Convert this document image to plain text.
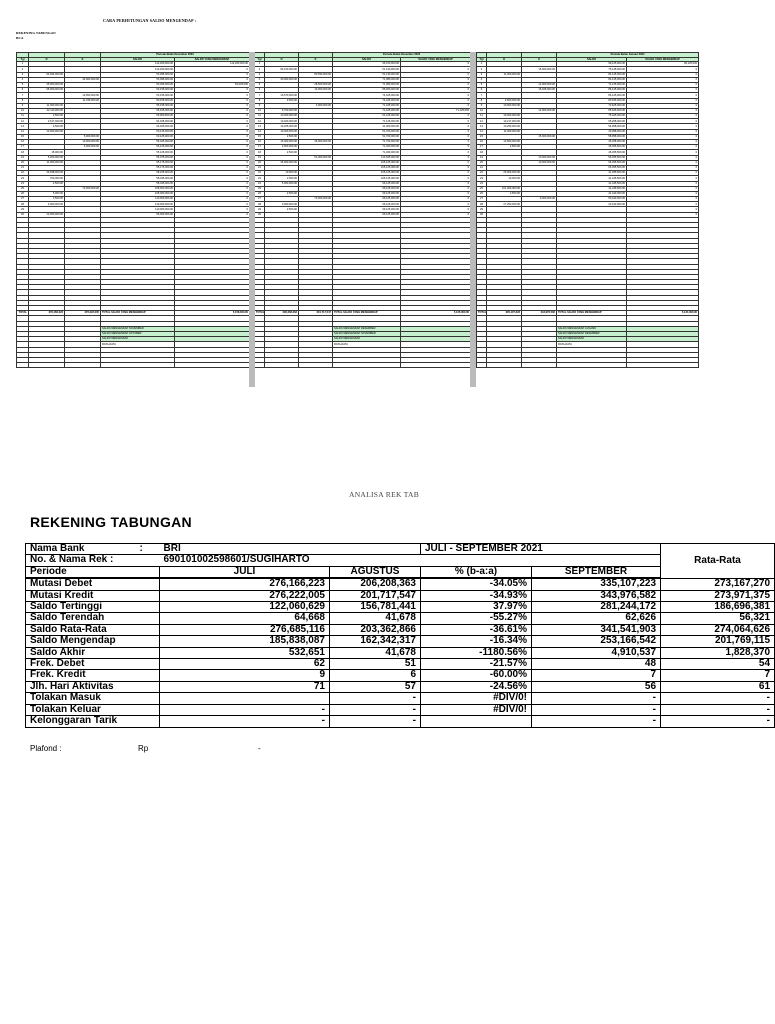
CARA PERHITUNGAN SALDO MENGENDAP :
REKENING TABUNGAN
BCA
			Periode Bulan November 2023	
Tgl	D	K	SALDO	SALDO YANG MENGENDAP
1			112,260,000.00	112,260,000.00
2			112,260,000.00	0
3	93,464,000.00		53,095,000.00	0
4		44,603,000.00	53,095,000.00	0
5	45,000,000.00		53,025,000.00	53,025,000
6	95,000,000.00		53,155,000.00	0
7		13,950,000.00	53,155,000.00	0
8		11,335,000.00	80,155,000.00	0
9	11,000,000.00		55,155,000.00	0
10	22,110,000.00		66,915,000.00	0
11	2,500.00		66,900,500.00	0
12	2,617,400.00		64,025,000.00	0
13	2,500.00		64,025,000.00	0
14	12,000,000.00		60,125,000.00	0
15		5,000,000.00	60,125,000.00	0
16		10,000,000.00	56,425,000.00	0
17		6,000,000.00	56,125,000.00	0
18	15,000.00		55,125,000.00	0
19	5,200,000.00		55,075,000.00	0
20	11,000,000.00		65,175,000.00	0
21			65,175,000.00	0
22	43,638,000.00		58,225,000.00	0
23	700,000.00		58,345,000.00	0
24	2,500.00		58,345,000.00	0
25		73,000,000.00	108,000,000.00	0
26	5,000.00		108,000,000.00	0
27	2,500.00		110,000,000.00	0
28	3,000,000.00		110,000,000.00	0
29			110,000,000.00	0
30	12,000,000.00		96,000,000.00	0

TOTAL	276,166,223	276,222,005	TOTAL SALDO YANG MENGENDAP	5,158,000.00

			SALDO MENGENDAP NOVEMBER	
			SALDO MENGENDAP OKTOBER	
			SALDO MENGENDAP	
			RATA-RATA	

			Periode Bulan Desember 2023	
Tgl	D	K	SALDO	SALDO YANG MENGENDAP
1			96,150,000.00	0
2	96,150,000.00		51,130,000.00	0
3		80,590,000.00	51,130,000.00	0
4	30,000,000.00		71,380,000.00	0
5		28,500,000.00	71,380,000.00	0
6		13,000,000.00	85,000,000.00	0
7	10,570,000.00		74,425,000.00	0
8	2,500.00		74,425,000.00	0
9		3,000,000.00	71,425,000.00	0
10	6,700,000.00		71,425,000.00	71,125,000
11	10,200,000.00		61,125,000.00	0
12	10,400,000.00		71,125,000.00	0
13	10,225,000.00		41,000,000.00	0
14	10,400,000.00		51,700,000.00	0
15	2,500.00		51,700,000.00	0
16	16,000,000.00	46,000,000.00	71,700,000.00	0
17	3,000,000.00		71,400,000.00	0
18	2,500.00		71,400,000.00	0
19		51,000,000.00	113,025,000.00	0
20	35,000,000.00		105,125,000.00	0
21			105,125,000.00	0
22	10,000.00		105,125,000.00	0
23	2,500.00		105,125,000.00	0
24	5,000,000.00		99,125,000.00	0
25			99,125,000.00	0
26	2,500.00		99,125,000.00	0
27		73,000,000.00	99,125,000.00	0
28	3,000,000.00		99,125,000.00	0
29	2,500.00		99,125,000.00	0
30			99,125,000.00	0

TOTAL	206,208,363	201,717,547	TOTAL SALDO YANG MENGENDAP	5,125,000.00

			SALDO MENGENDAP DESEMBER	
			SALDO MENGENDAP NOVEMBER	
			SALDO MENGENDAP	
			RATA-RATA	

			Periode Bulan Januari 2024	
Tgl	D	K	SALDO	SALDO YANG MENGENDAP
1			99,125,000.00	99,125,000
2		15,000,000.00	75,125,000.00	0
3	11,000,000.00		84,125,000.00	0
4			84,125,000.00	0
5		12,000,000.00	74,125,000.00	0
6		15,025,000.00	86,125,000.00	0
7			86,125,000.00	0
8	2,500,000.00		83,625,000.00	0
9	10,000,000.00		73,625,000.00	0
10		12,000,000.00	85,625,000.00	0
11	10,200,000.00		75,425,000.00	0
12	10,217,000.00		65,208,000.00	0
13	10,250,000.00		54,958,000.00	0
14	11,000,000.00		43,958,000.00	0
15		15,000,000.00	58,958,000.00	0
16	12,500,000.00		46,458,000.00	0
17	2,500.00		46,455,500.00	0
18			46,455,500.00	0
19		10,000,000.00	56,455,500.00	0
20		10,000,000.00	66,455,500.00	0
21			66,455,500.00	0
22	25,000,000.00		41,455,500.00	0
23	10,000.00		41,445,500.00	0
24			41,445,500.00	0
25	101,000,000.00		41,445,500.00	0
26	2,500.00		41,443,000.00	0
27		9,000,000.00	50,443,000.00	0
28	27,250,000.00		23,193,000.00	0
29				0
30				0

TOTAL	335,107,223	343,976,582	TOTAL SALDO YANG MENGENDAP	5,134,000.00

			SALDO MENGENDAP JANUARI	
			SALDO MENGENDAP DESEMBER	
			SALDO MENGENDAP	
			RATA-RATA	

ANALISA REK TAB
REKENING TABUNGAN
Nama Bank	:	BRI		JULI - SEPTEMBER 2021		Rata-Rata
No. & Nama Rek :		690101002598601/SUGIHARTO				
Periode		JULI	AGUSTUS	% (b-a:a)	SEPTEMBER	
Mutasi Debet		276,166,223	206,208,363	-34.05%	335,107,223	273,167,270
Mutasi Kredit		276,222,005	201,717,547	-34.93%	343,976,582	273,971,375
Saldo Tertinggi		122,060,629	156,781,441	37.97%	281,244,172	186,696,381
Saldo Terendah		64,668	41,678	-55.27%	62,626	56,321
Saldo Rata-Rata		276,685,116	203,362,866	-36.61%	341,541,903	274,064,626
Saldo Mengendap		185,838,087	162,342,317	-16.34%	253,166,542	201,769,115
Saldo Akhir		532,651	41,678	-1180.56%	4,910,537	1,828,370
Frek. Debet		62	51	-21.57%	48	54
Frek. Kredit		9	6	-60.00%	7	7
Jlh. Hari Aktivitas		71	57	-24.56%	56	61
Tolakan Masuk			-	#DIV/0!	-	-
Tolakan Keluar		-	-	#DIV/0!	-	-
Kelonggaran Tarik		-	-		-	-
Plafond :	Rp	-
